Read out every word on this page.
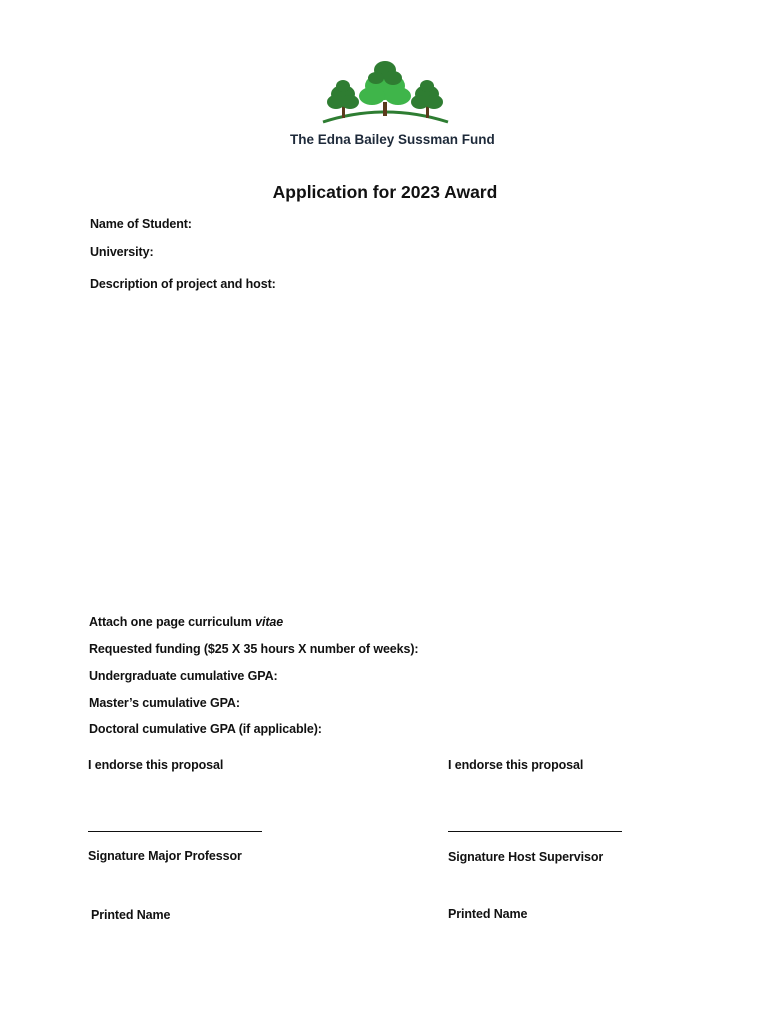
The Edna Bailey Sussman Fund
Application for 2023 Award
Name of Student:
University:
Description of project and host:
Attach one page curriculum vitae
Requested funding ($25 X 35 hours X number of weeks):
Undergraduate cumulative GPA:
Master’s cumulative GPA:
Doctoral cumulative GPA (if applicable):
I endorse this proposal
Signature Major Professor
Printed Name
I endorse this proposal
Signature Host Supervisor
Printed Name
